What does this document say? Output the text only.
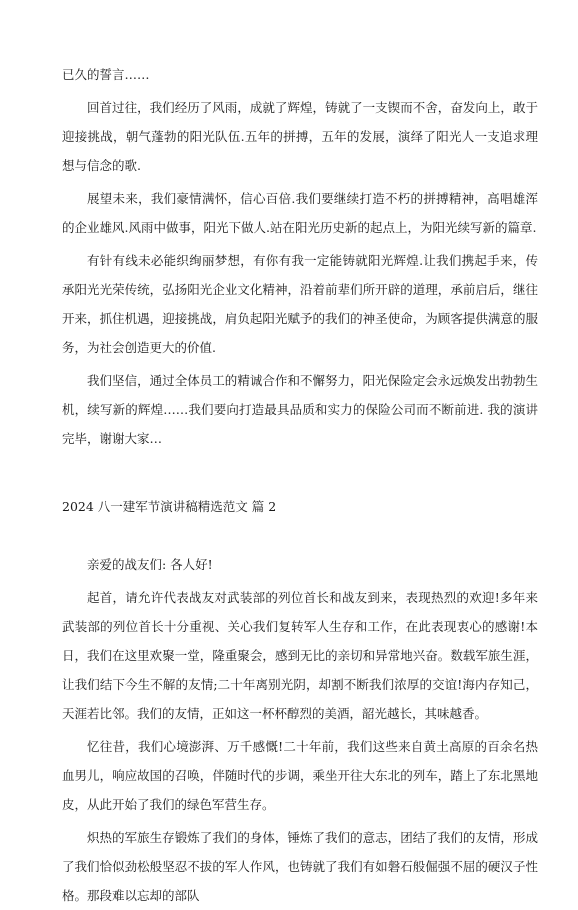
已久的誓言……

回首过往，我们经历了风雨，成就了辉煌，铸就了一支锲而不舍，奋发向上，敢于迎接挑战，朝气蓬勃的阳光队伍.五年的拼搏，五年的发展，演绎了阳光人一支追求理想与信念的歌.

展望未来，我们豪情满怀，信心百倍.我们要继续打造不朽的拼搏精神，高唱雄浑的企业雄风.风雨中做事，阳光下做人.站在阳光历史新的起点上，为阳光续写新的篇章.

有针有线未必能织绚丽梦想，有你有我一定能铸就阳光辉煌.让我们携起手来，传承阳光光荣传统，弘扬阳光企业文化精神，沿着前辈们所开辟的道理，承前启后，继往开来，抓住机遇，迎接挑战，肩负起阳光赋予的我们的神圣使命，为顾客提供满意的服务，为社会创造更大的价值.

我们坚信，通过全体员工的精诚合作和不懈努力，阳光保险定会永远焕发出勃勃生机，续写新的辉煌……我们要向打造最具品质和实力的保险公司而不断前进. 我的演讲完毕，谢谢大家…

2024 八一建军节演讲稿精选范文 篇 2

亲爱的战友们: 各人好!

起首，请允许代表战友对武装部的列位首长和战友到来，表现热烈的欢迎!多年来武装部的列位首长十分重视、关心我们复转军人生存和工作，在此表现衷心的感谢!本日，我们在这里欢聚一堂，隆重聚会，感到无比的亲切和异常地兴奋。数载军旅生涯，让我们结下今生不解的友情;二十年离别光阴，却割不断我们浓厚的交谊!海内存知己，天涯若比邻。我们的友情，正如这一杯杯醇烈的美酒，韶光越长，其味越香。

忆往昔，我们心境澎湃、万千感慨!二十年前，我们这些来自黄土高原的百余名热血男儿，响应故国的召唤，伴随时代的步调，乘坐开往大东北的列车，踏上了东北黑地皮，从此开始了我们的绿色军营生存。

炽热的军旅生存锻炼了我们的身体，锤炼了我们的意志，团结了我们的友情，形成了我们恰似劲松般坚忍不拔的军人作风，也铸就了我们有如磐石般倔强不屈的硬汉子性格。那段难以忘却的部队
